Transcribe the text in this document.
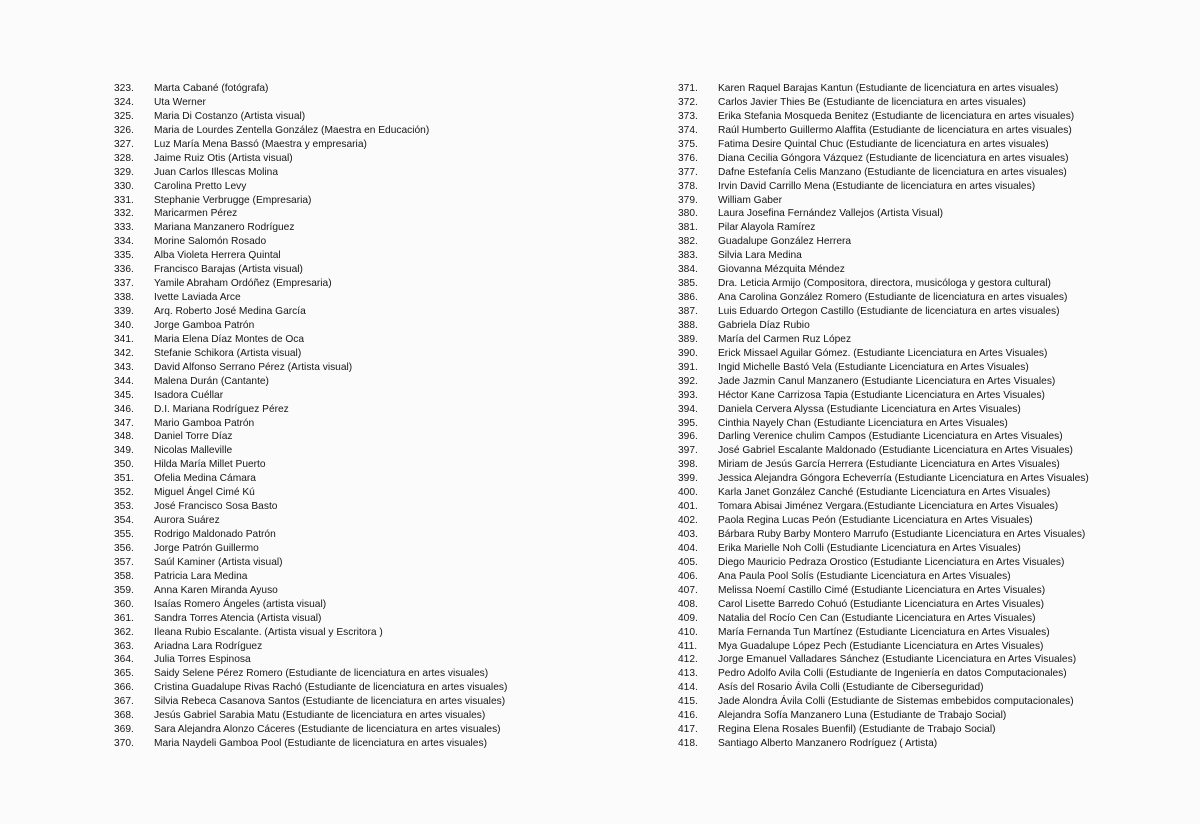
323.	Marta Cabané (fotógrafa)
324.	Uta Werner
325.	Maria Di Costanzo (Artista visual)
326.	Maria de Lourdes Zentella González (Maestra en Educación)
327.	Luz María Mena Bassó (Maestra y empresaria)
328.	Jaime Ruiz Otis (Artista visual)
329.	Juan Carlos Illescas Molina
330.	Carolina Pretto Levy
331.	Stephanie Verbrugge (Empresaria)
332.	Maricarmen Pérez
333.	Mariana Manzanero Rodríguez
334.	Morine Salomón Rosado
335.	Alba Violeta Herrera Quintal
336.	Francisco Barajas (Artista visual)
337.	Yamile Abraham Ordóñez (Empresaria)
338.	Ivette Laviada Arce
339.	Arq. Roberto José Medina García
340.	Jorge Gamboa Patrón
341.	Maria Elena Díaz Montes de Oca
342.	Stefanie Schikora (Artista visual)
343.	David Alfonso Serrano Pérez (Artista visual)
344.	Malena Durán (Cantante)
345.	Isadora Cuéllar
346.	D.I. Mariana Rodríguez Pérez
347.	Mario Gamboa Patrón
348.	Daniel Torre Díaz
349.	Nicolas Malleville
350.	Hilda María Millet Puerto
351.	Ofelia Medina Cámara
352.	Miguel Ángel Cimé Kú
353.	José Francisco Sosa Basto
354.	Aurora Suárez
355.	Rodrigo Maldonado Patrón
356.	Jorge Patrón Guillermo
357.	Saúl Kaminer (Artista visual)
358.	Patricia Lara Medina
359.	Anna Karen Miranda Ayuso
360.	Isaías Romero Ángeles (artista visual)
361.	Sandra Torres Atencia (Artista visual)
362.	Ileana Rubio Escalante. (Artista visual y Escritora )
363.	Ariadna Lara Rodríguez
364.	Julia Torres Espinosa
365.	Saidy Selene Pérez Romero (Estudiante de licenciatura en artes visuales)
366.	Cristina Guadalupe Rivas Rachó (Estudiante de licenciatura en artes visuales)
367.	Silvia Rebeca Casanova Santos (Estudiante de licenciatura en artes visuales)
368.	Jesús Gabriel Sarabia Matu (Estudiante de licenciatura en artes visuales)
369.	Sara Alejandra Alonzo Cáceres (Estudiante de licenciatura en artes visuales)
370.	Maria Naydeli Gamboa Pool (Estudiante de licenciatura en artes visuales)
371.	Karen Raquel Barajas Kantun (Estudiante de licenciatura en artes visuales)
372.	Carlos Javier Thies Be (Estudiante de licenciatura en artes visuales)
373.	Erika Stefania Mosqueda Benitez (Estudiante de licenciatura en artes visuales)
374.	Raúl Humberto Guillermo Alaffita (Estudiante de licenciatura en artes visuales)
375.	Fatima Desire Quintal Chuc (Estudiante de licenciatura en artes visuales)
376.	Diana Cecilia Góngora Vázquez (Estudiante de licenciatura en artes visuales)
377.	Dafne Estefanía Celis Manzano (Estudiante de licenciatura en artes visuales)
378.	Irvin David Carrillo Mena (Estudiante de licenciatura en artes visuales)
379.	William Gaber
380.	Laura Josefina Fernández Vallejos (Artista Visual)
381.	Pilar Alayola Ramírez
382.	Guadalupe González Herrera
383.	Silvia Lara Medina
384.	Giovanna Mézquita Méndez
385.	Dra. Leticia Armijo (Compositora, directora, musicóloga y gestora cultural)
386.	Ana Carolina González Romero (Estudiante de licenciatura en artes visuales)
387.	Luis Eduardo Ortegon Castillo (Estudiante de licenciatura en artes visuales)
388.	Gabriela Díaz Rubio
389.	María del Carmen Ruz López
390.	Erick Missael Aguilar Gómez. (Estudiante Licenciatura en Artes Visuales)
391.	Ingid Michelle Bastó Vela (Estudiante Licenciatura en Artes Visuales)
392.	Jade Jazmin Canul Manzanero (Estudiante Licenciatura en Artes Visuales)
393.	Héctor Kane Carrizosa Tapia (Estudiante Licenciatura en Artes Visuales)
394.	Daniela Cervera Alyssa (Estudiante Licenciatura en Artes Visuales)
395.	Cinthia Nayely Chan (Estudiante Licenciatura en Artes Visuales)
396.	Darling Verenice chulim Campos (Estudiante Licenciatura en Artes Visuales)
397.	José Gabriel Escalante Maldonado (Estudiante Licenciatura en Artes Visuales)
398.	Miriam de Jesús García Herrera (Estudiante Licenciatura en Artes Visuales)
399.	Jessica Alejandra Góngora Echeverría (Estudiante Licenciatura en Artes Visuales)
400.	Karla Janet González Canché (Estudiante Licenciatura en Artes Visuales)
401.	Tomara Abisai Jiménez Vergara.(Estudiante Licenciatura en Artes Visuales)
402.	Paola Regina Lucas Peón (Estudiante Licenciatura en Artes Visuales)
403.	Bárbara Ruby Barby Montero Marrufo (Estudiante Licenciatura en Artes Visuales)
404.	Erika Marielle Noh Colli (Estudiante Licenciatura en Artes Visuales)
405.	Diego Mauricio Pedraza Orostico (Estudiante Licenciatura en Artes Visuales)
406.	Ana Paula Pool Solís (Estudiante Licenciatura en Artes Visuales)
407.	Melissa Noemí Castillo Cimé (Estudiante Licenciatura en Artes Visuales)
408.	Carol Lisette Barredo Cohuó (Estudiante Licenciatura en Artes Visuales)
409.	Natalia del Rocío Cen Can (Estudiante Licenciatura en Artes Visuales)
410.	María Fernanda Tun Martínez (Estudiante Licenciatura en Artes Visuales)
411.	Mya Guadalupe López Pech (Estudiante Licenciatura en Artes Visuales)
412.	Jorge Emanuel Valladares Sánchez (Estudiante Licenciatura en Artes Visuales)
413.	Pedro Adolfo Avila Colli (Estudiante de Ingeniería en datos Computacionales)
414.	Asís del Rosario Ávila Colli (Estudiante de Ciberseguridad)
415.	Jade Alondra Ávila Colli (Estudiante de Sistemas embebidos computacionales)
416.	Alejandra Sofía Manzanero Luna (Estudiante de Trabajo Social)
417.	Regina Elena Rosales Buenfil) (Estudiante de Trabajo Social)
418.	Santiago Alberto Manzanero Rodríguez ( Artista)
